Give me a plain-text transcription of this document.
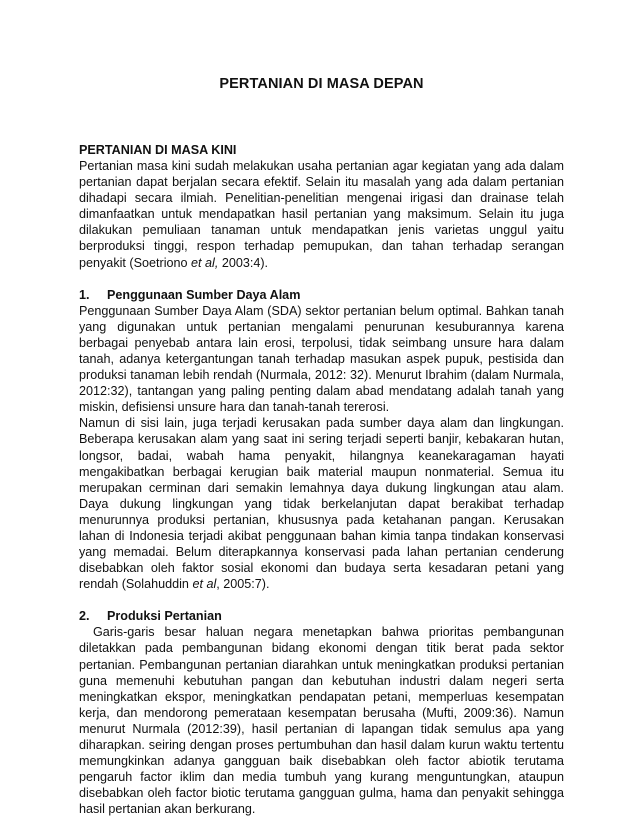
PERTANIAN DI MASA DEPAN
PERTANIAN DI MASA KINI

Pertanian masa kini sudah melakukan usaha pertanian agar kegiatan yang ada dalam pertanian dapat berjalan secara efektif. Selain itu masalah yang ada dalam pertanian dihadapi secara ilmiah. Penelitian-penelitian mengenai irigasi dan drainase telah dimanfaatkan untuk mendapatkan hasil pertanian yang maksimum. Selain itu juga dilakukan pemuliaan tanaman untuk mendapatkan jenis varietas unggul yaitu berproduksi tinggi, respon terhadap pemupukan, dan tahan terhadap serangan penyakit (Soetriono et al, 2003:4).

1.	Penggunaan Sumber Daya Alam

Penggunaan Sumber Daya Alam (SDA) sektor pertanian belum optimal. Bahkan tanah yang digunakan untuk pertanian mengalami penurunan kesuburannya karena berbagai penyebab antara lain erosi, terpolusi, tidak seimbang unsure hara dalam tanah, adanya ketergantungan tanah terhadap masukan aspek pupuk, pestisida dan produksi tanaman lebih rendah (Nurmala, 2012: 32). Menurut Ibrahim (dalam Nurmala, 2012:32), tantangan yang paling penting dalam abad mendatang adalah tanah yang miskin, defisiensi unsure hara dan tanah-tanah tererosi.

Namun di sisi lain, juga terjadi kerusakan pada sumber daya alam dan lingkungan. Beberapa kerusakan alam yang saat ini sering terjadi seperti banjir, kebakaran hutan, longsor, badai, wabah hama penyakit, hilangnya keanekaragaman hayati mengakibatkan berbagai kerugian baik material maupun nonmaterial. Semua itu merupakan cerminan dari semakin lemahnya daya dukung lingkungan atau alam. Daya dukung lingkungan yang tidak berkelanjutan dapat berakibat terhadap menurunnya produksi pertanian, khususnya pada ketahanan pangan. Kerusakan lahan di Indonesia terjadi akibat penggunaan bahan kimia tanpa tindakan konservasi yang memadai. Belum diterapkannya konservasi pada lahan pertanian cenderung disebabkan oleh faktor sosial ekonomi dan budaya serta kesadaran petani yang rendah (Solahuddin et al, 2005:7).

2.	Produksi Pertanian

Garis-garis besar haluan negara menetapkan bahwa prioritas pembangunan diletakkan pada pembangunan bidang ekonomi dengan titik berat pada sektor pertanian. Pembangunan pertanian diarahkan untuk meningkatkan produksi pertanian guna memenuhi kebutuhan pangan dan kebutuhan industri dalam negeri serta meningkatkan ekspor, meningkatkan pendapatan petani, memperluas kesempatan kerja, dan mendorong pemerataan kesempatan berusaha (Mufti, 2009:36). Namun menurut Nurmala (2012:39), hasil pertanian di lapangan tidak semulus apa yang diharapkan. seiring dengan proses pertumbuhan dan hasil dalam kurun waktu tertentu memungkinkan adanya gangguan baik disebabkan oleh factor abiotik terutama pengaruh factor iklim dan media tumbuh yang kurang menguntungkan, ataupun disebabkan oleh factor biotic terutama gangguan gulma, hama dan penyakit sehingga hasil pertanian akan berkurang.
